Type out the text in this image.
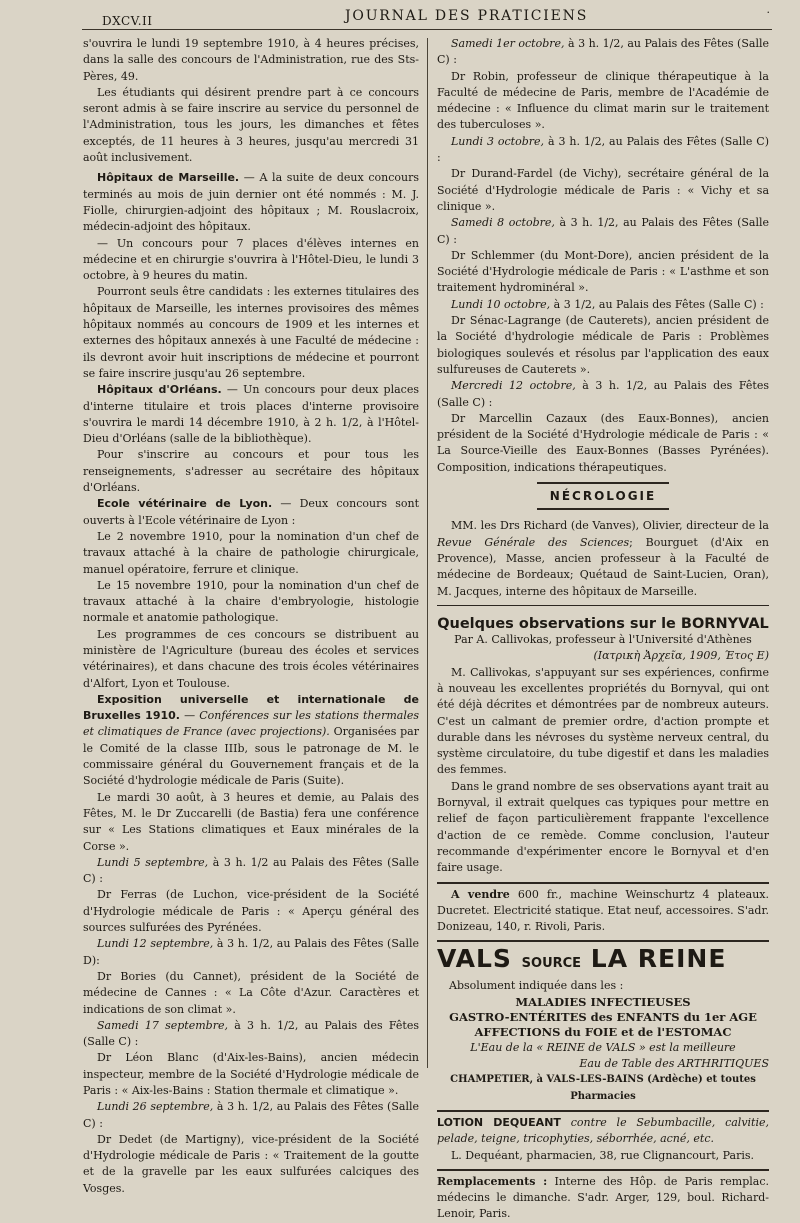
DXCV.II	JOURNAL DES PRATICIENS	·

s'ouvrira le lundi 19 septembre 1910, à 4 heures précises, dans la salle des concours de l'Administration, rue des Sts-Pères, 49.

Les étudiants qui désirent prendre part à ce concours seront admis à se faire inscrire au service du personnel de l'Administration, tous les jours, les dimanches et fêtes exceptés, de 11 heures à 3 heures, jusqu'au mercredi 31 août inclusivement.

Hôpitaux de Marseille. — A la suite de deux concours terminés au mois de juin dernier ont été nommés : M. J. Fiolle, chirurgien-adjoint des hôpitaux ; M. Rouslacroix, médecin-adjoint des hôpitaux.

— Un concours pour 7 places d'élèves internes en médecine et en chirurgie s'ouvrira à l'Hôtel-Dieu, le lundi 3 octobre, à 9 heures du matin.

Pourront seuls être candidats : les externes titulaires des hôpitaux de Marseille, les internes provisoires des mêmes hôpitaux nommés au concours de 1909 et les internes et externes des hôpitaux annexés à une Faculté de médecine : ils devront avoir huit inscriptions de médecine et pourront se faire inscrire jusqu'au 26 septembre.

Hôpitaux d'Orléans. — Un concours pour deux places d'interne titulaire et trois places d'interne provisoire s'ouvrira le mardi 14 décembre 1910, à 2 h. 1/2, à l'Hôtel-Dieu d'Orléans (salle de la bibliothèque).

Pour s'inscrire au concours et pour tous les renseignements, s'adresser au secrétaire des hôpitaux d'Orléans.

Ecole vétérinaire de Lyon. — Deux concours sont ouverts à l'Ecole vétérinaire de Lyon :

Le 2 novembre 1910, pour la nomination d'un chef de travaux attaché à la chaire de pathologie chirurgicale, manuel opératoire, ferrure et clinique.

Le 15 novembre 1910, pour la nomination d'un chef de travaux attaché à la chaire d'embryologie, histologie normale et anatomie pathologique.

Les programmes de ces concours se distribuent au ministère de l'Agriculture (bureau des écoles et services vétérinaires), et dans chacune des trois écoles vétérinaires d'Alfort, Lyon et Toulouse.

Exposition universelle et internationale de Bruxelles 1910. — Conférences sur les stations thermales et climatiques de France (avec projections). Organisées par le Comité de la classe IIIb, sous le patronage de M. le commissaire général du Gouvernement français et de la Société d'hydrologie médicale de Paris (Suite).

Le mardi 30 août, à 3 heures et demie, au Palais des Fêtes, M. le Dr Zuccarelli (de Bastia) fera une conférence sur « Les Stations climatiques et Eaux minérales de la Corse ».

Lundi 5 septembre, à 3 h. 1/2 au Palais des Fêtes (Salle C) :

Dr Ferras (de Luchon, vice-président de la Société d'Hydrologie médicale de Paris : « Aperçu général des sources sulfurées des Pyrénées.

Lundi 12 septembre, à 3 h. 1/2, au Palais des Fêtes (Salle D):

Dr Bories (du Cannet), président de la Société de médecine de Cannes : « La Côte d'Azur. Caractères et indications de son climat ».

Samedi 17 septembre, à 3 h. 1/2, au Palais des Fêtes (Salle C) :

Dr Léon Blanc (d'Aix-les-Bains), ancien médecin inspecteur, membre de la Société d'Hydrologie médicale de Paris : « Aix-les-Bains : Station thermale et climatique ».

Lundi 26 septembre, à 3 h. 1/2, au Palais des Fêtes (Salle C) :

Dr Dedet (de Martigny), vice-président de la Société d'Hydrologie médicale de Paris : « Traitement de la goutte et de la gravelle par les eaux sulfurées calciques des Vosges.

Samedi 1er octobre, à 3 h. 1/2, au Palais des Fêtes (Salle C) :

Dr Robin, professeur de clinique thérapeutique à la Faculté de médecine de Paris, membre de l'Académie de médecine : « Influence du climat marin sur le traitement des tuberculoses ».

Lundi 3 octobre, à 3 h. 1/2, au Palais des Fêtes (Salle C) :

Dr Durand-Fardel (de Vichy), secrétaire général de la Société d'Hydrologie médicale de Paris : « Vichy et sa clinique ».

Samedi 8 octobre, à 3 h. 1/2, au Palais des Fêtes (Salle C) :

Dr Schlemmer (du Mont-Dore), ancien président de la Société d'Hydrologie médicale de Paris : « L'asthme et son traitement hydrominéral ».

Lundi 10 octobre, à 3 1/2, au Palais des Fêtes (Salle C) :

Dr Sénac-Lagrange (de Cauterets), ancien président de la Société d'hydrologie médicale de Paris : Problèmes biologiques soulevés et résolus par l'application des eaux sulfureuses de Cauterets ».

Mercredi 12 octobre, à 3 h. 1/2, au Palais des Fêtes (Salle C) :

Dr Marcellin Cazaux (des Eaux-Bonnes), ancien président de la Société d'Hydrologie médicale de Paris : « La Source-Vieille des Eaux-Bonnes (Basses Pyrénées). Composition, indications thérapeutiques.

NÉCROLOGIE

MM. les Drs Richard (de Vanves), Olivier, directeur de la Revue Générale des Sciences; Bourguet (d'Aix en Provence), Masse, ancien professeur à la Faculté de médecine de Bordeaux; Quétaud de Saint-Lucien, Oran), M. Jacques, interne des hôpitaux de Marseille.

Quelques observations sur le BORNYVAL

Par A. Callivokas, professeur à l'Université d'Athènes

(Ιατρικὴ Ἀρχεῖα, 1909, Έτος Ε)

M. Callivokas, s'appuyant sur ses expériences, confirme à nouveau les excellentes propriétés du Bornyval, qui ont été déjà décrites et démontrées par de nombreux auteurs. C'est un calmant de premier ordre, d'action prompte et durable dans les névroses du système nerveux central, du système circulatoire, du tube digestif et dans les maladies des femmes.

Dans le grand nombre de ses observations ayant trait au Bornyval, il extrait quelques cas typiques pour mettre en relief de façon particulièrement frappante l'excellence d'action de ce remède. Comme conclusion, l'auteur recommande d'expérimenter encore le Bornyval et d'en faire usage.

A vendre 600 fr., machine Weinschurtz 4 plateaux. Ducretet. Electricité statique. Etat neuf, accessoires. S'adr. Donizeau, 140, r. Rivoli, Paris.

VALS SOURCE LA REINE

Absolument indiquée dans les :

MALADIES INFECTIEUSES

GASTRO-ENTÉRITES des ENFANTS du 1er AGE

AFFECTIONS du FOIE et de l'ESTOMAC

L'Eau de la « REINE de VALS » est la meilleure

Eau de Table des ARTHRITIQUES

CHAMPETIER, à VALS-LES-BAINS (Ardèche) et toutes Pharmacies

LOTION DEQUEANT contre le Sebumbacille, calvitie, pelade, teigne, tricophyties, séborrhée, acné, etc.

L. Dequéant, pharmacien, 38, rue Clignancourt, Paris.

Remplacements : Interne des Hôp. de Paris remplac. médecins le dimanche. S'adr. Arger, 129, boul. Richard-Lenoir, Paris.
